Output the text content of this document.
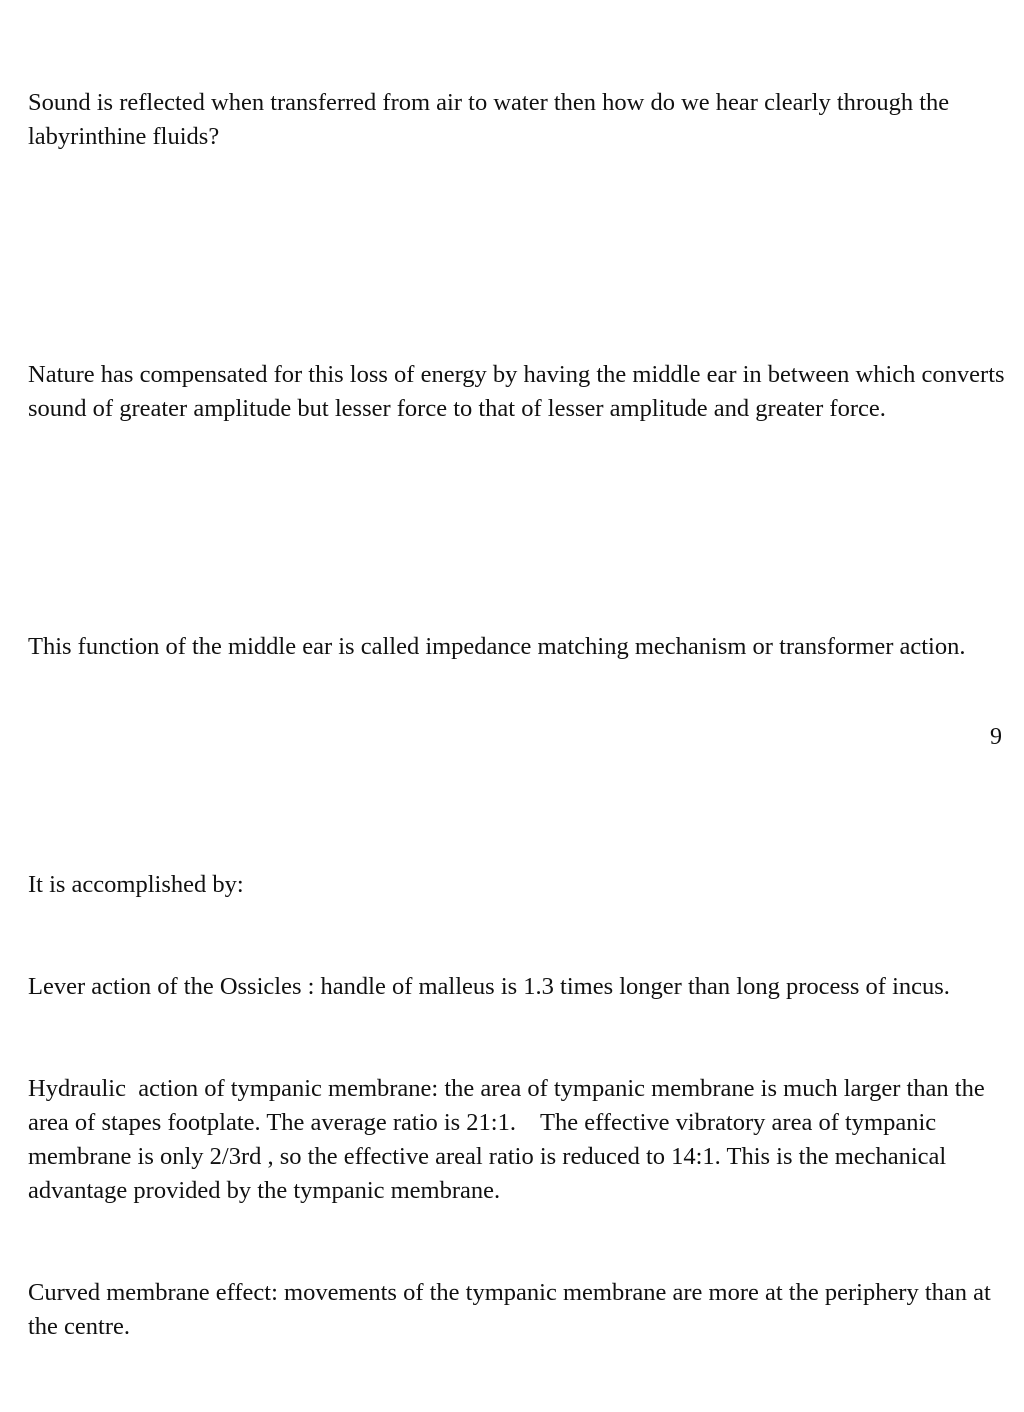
Sound is reflected when transferred from air to water then how do we hear clearly through the labyrinthine fluids?

Nature has compensated for this loss of energy by having the middle ear in between which converts sound of greater amplitude but lesser force to that of lesser amplitude and greater force.

This function of the middle ear is called impedance matching mechanism or transformer action.

It is accomplished by:

Lever action of the Ossicles : handle of malleus is 1.3 times longer than long process of incus.

Hydraulic  action of tympanic membrane: the area of tympanic membrane is much larger than the area of stapes footplate. The average ratio is 21:1.    The effective vibratory area of tympanic membrane is only 2/3rd , so the effective areal ratio is reduced to 14:1. This is the mechanical advantage provided by the tympanic membrane.

Curved membrane effect: movements of the tympanic membrane are more at the periphery than at the centre.

9
